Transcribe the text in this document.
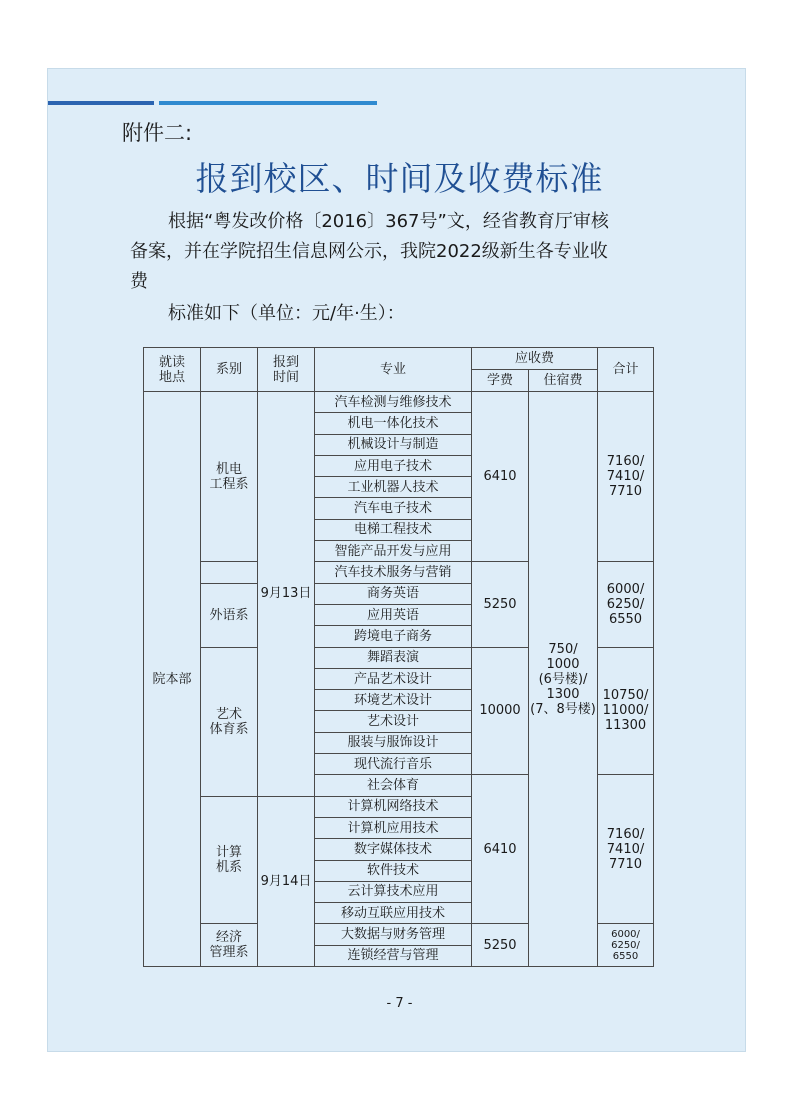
附件二:
报到校区、时间及收费标准
根据“粤发改价格〔2016〕367号”文，经省教育厅审核
备案，并在学院招生信息网公示，我院2022级新生各专业收
费
标准如下（单位：元/年·生）：
就读
地点	系别	报到
时间	专业	应收费		合计
				学费	住宿费	
院本部	机电
工程系	9月13日	汽车检测与维修技术	6410	750/
1000
(6号楼)/
1300
(7、8号楼)	7160/
7410/
7710
			机电一体化技术			
			机械设计与制造			
			应用电子技术			
			工业机器人技术			
			汽车电子技术			
			电梯工程技术			
			智能产品开发与应用			
			汽车技术服务与营销	5250		6000/
6250/
6550
	外语系		商务英语			
			应用英语			
			跨境电子商务			
	艺术
体育系		舞蹈表演	10000		10750/
11000/
11300
			产品艺术设计			
			环境艺术设计			
			艺术设计			
			服装与服饰设计			
			现代流行音乐			
			社会体育	6410		7160/
7410/
7710
	计算
机系	9月14日	计算机网络技术			
			计算机应用技术			
			数字媒体技术			
			软件技术			
			云计算技术应用			
			移动互联应用技术			
	经济
管理系		大数据与财务管理	5250		6000/
6250/
6550

			连锁经营与管理			
- 7 -
